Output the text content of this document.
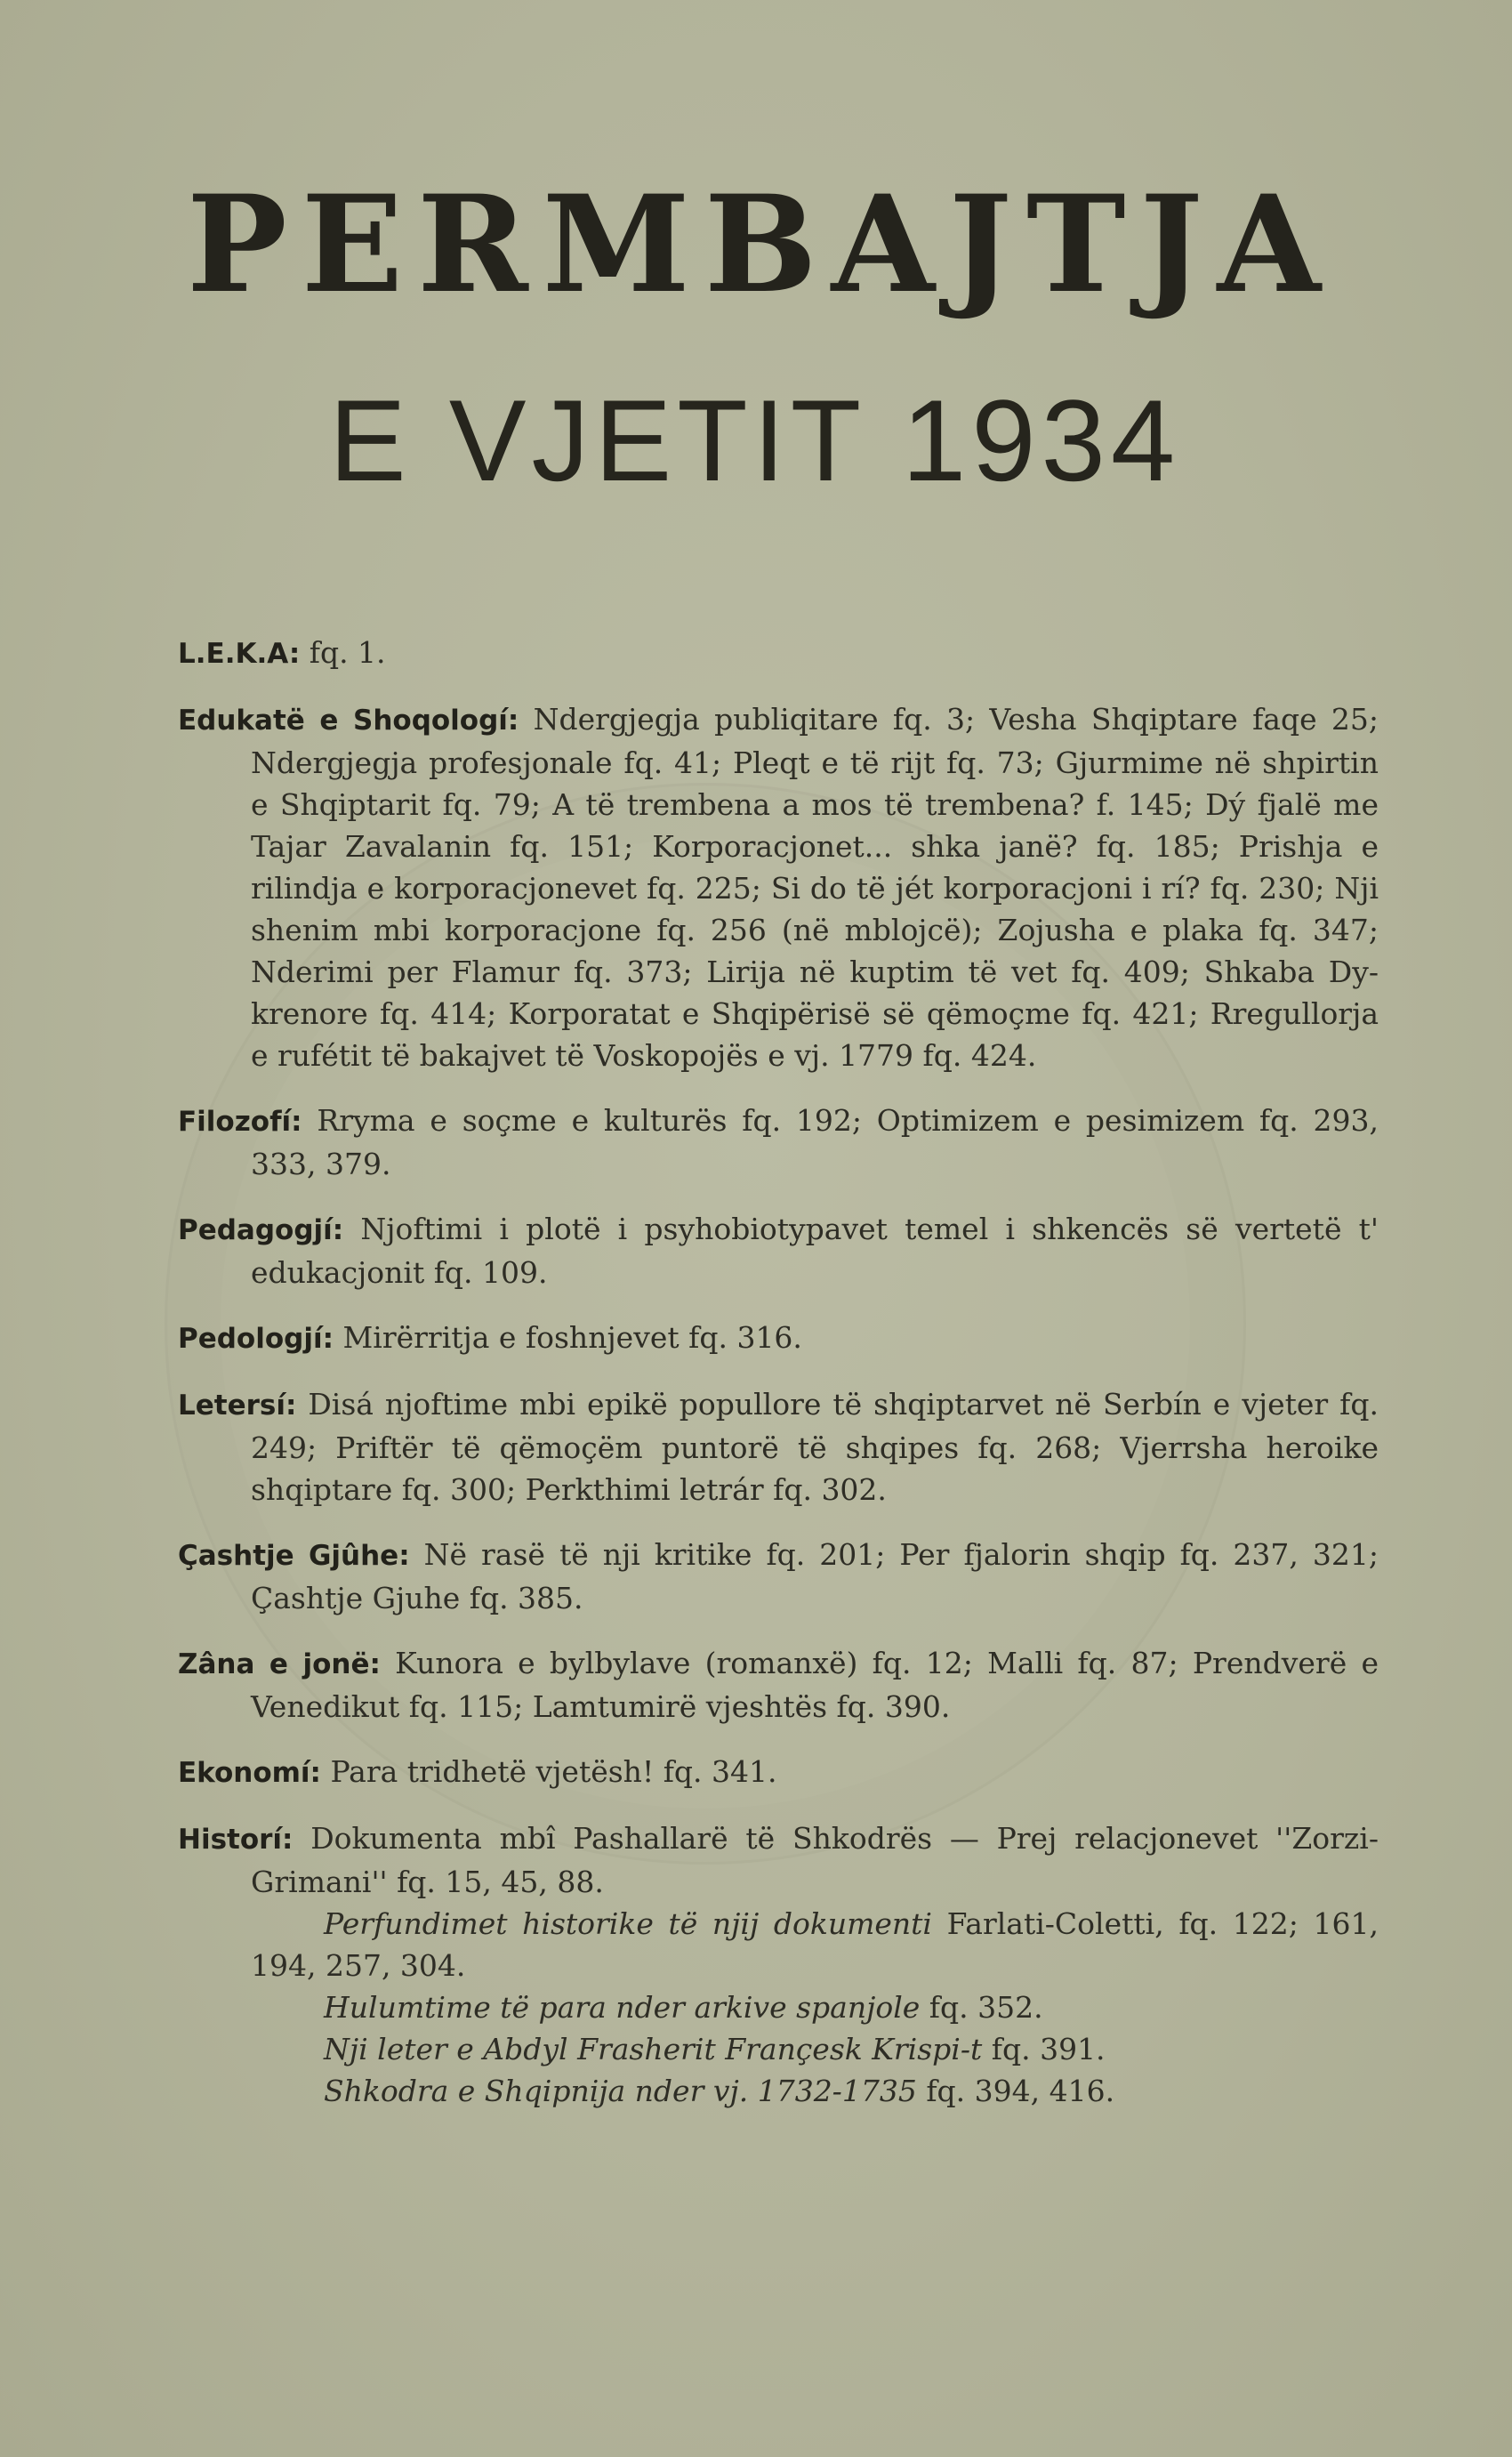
PERMBAJTJA
E VJETIT 1934

L.E.K.A: fq. 1.

Edukatë e Shoqologí: Ndergjegja publiqitare fq. 3; Vesha Shqiptare faqe 25; Ndergjegja profesjonale fq. 41; Pleqt e të rijt fq. 73; Gjurmime në shpirtin e Shqiptarit fq. 79; A të trembena a mos të trembena? f. 145; Dý fjalë me Tajar Zavalanin fq. 151; Korporacjonet... shka janë? fq. 185; Prishja e rilindja e korporacjonevet fq. 225; Si do të jét korporacjoni i rí? fq. 230; Nji shenim mbi korporacjone fq. 256 (në mblojcë); Zojusha e plaka fq. 347; Nderimi per Flamur fq. 373; Lirija në kuptim të vet fq. 409; Shkaba Dy-krenore fq. 414; Korporatat e Shqipërisë së qëmoçme fq. 421; Rregullorja e rufétit të bakajvet të Voskopojës e vj. 1779 fq. 424.

Filozofí: Rryma e soçme e kulturës fq. 192; Optimizem e pesimizem fq. 293, 333, 379.

Pedagogjí: Njoftimi i plotë i psyhobiotypavet temel i shkencës së vertetë t' edukacjonit fq. 109.

Pedologjí: Mirërritja e foshnjevet fq. 316.

Letersí: Disá njoftime mbi epikë popullore të shqiptarvet në Serbín e vjeter fq. 249; Priftër të qëmoçëm puntorë të shqipes fq. 268; Vjerrsha heroike shqiptare fq. 300; Perkthimi letrár fq. 302.

Çashtje Gjûhe: Në rasë të nji kritike fq. 201; Per fjalorin shqip fq. 237, 321; Çashtje Gjuhe fq. 385.

Zâna e jonë: Kunora e bylbylave (romanxë) fq. 12; Malli fq. 87; Prendverë e Venedikut fq. 115; Lamtumirë vjeshtës fq. 390.

Ekonomí: Para tridhetë vjetësh! fq. 341.

Historí: Dokumenta mbî Pashallarë të Shkodrës — Prej relacjonevet ''Zorzi-Grimani'' fq. 15, 45, 88.

Perfundimet historike të njij dokumenti Farlati-Coletti, fq. 122; 161, 194, 257, 304.

Hulumtime të para nder arkive spanjole fq. 352.

Nji leter e Abdyl Frasherit Françesk Krispi-t fq. 391.

Shkodra e Shqipnija nder vj. 1732-1735 fq. 394, 416.
